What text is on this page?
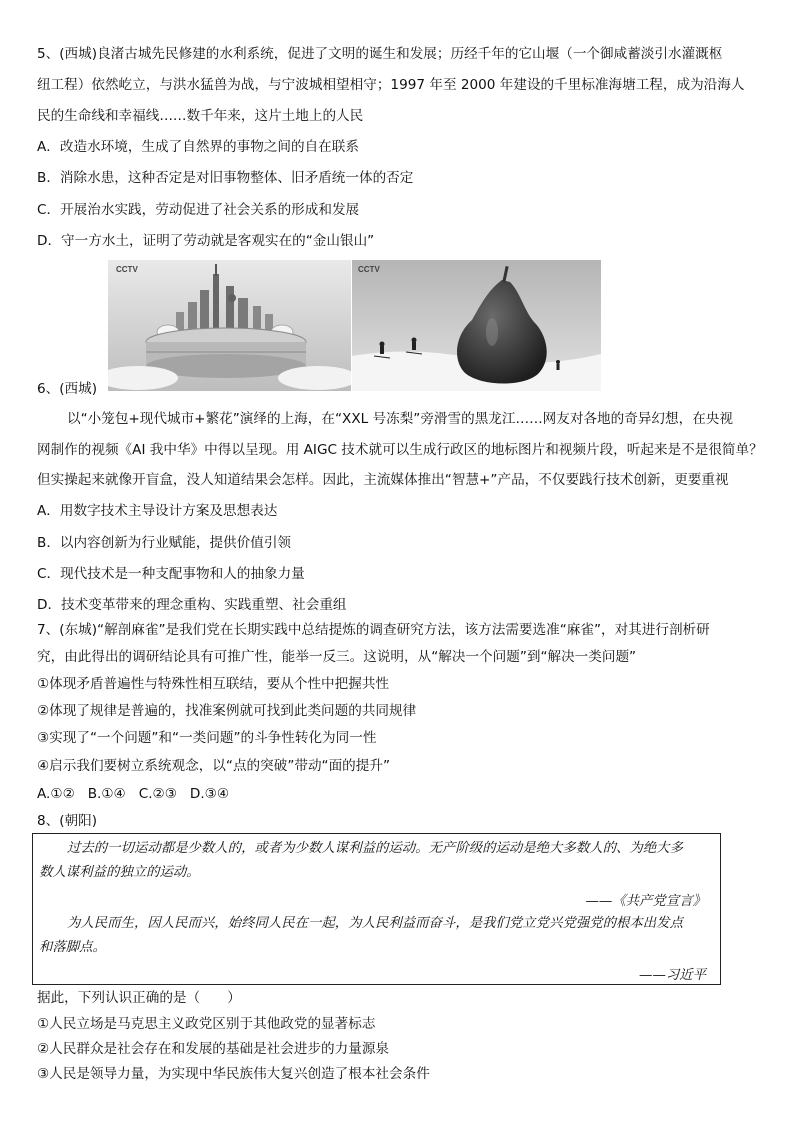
5、(西城)良渚古城先民修建的水利系统，促进了文明的诞生和发展；历经千年的它山堰（一个御咸蓄淡引水灌溉枢
纽工程）依然屹立，与洪水猛兽为战，与宁波城相望相守；1997 年至 2000 年建设的千里标准海塘工程，成为沿海人
民的生命线和幸福线……数千年来，这片土地上的人民
A．改造水环境，生成了自然界的事物之间的自在联系
B．消除水患，这种否定是对旧事物整体、旧矛盾统一体的否定
C．开展治水实践，劳动促进了社会关系的形成和发展
D．守一方水土，证明了劳动就是客观实在的“金山银山”
CCTV	CCTV
6、(西城)
以“小笼包+现代城市+繁花”演绎的上海，在“XXL 号冻梨”旁滑雪的黑龙江……网友对各地的奇异幻想，在央视
网制作的视频《AI 我中华》中得以呈现。用 AIGC 技术就可以生成行政区的地标图片和视频片段，听起来是不是很简单？
但实操起来就像开盲盒，没人知道结果会怎样。因此，主流媒体推出“智慧+”产品，不仅要践行技术创新，更要重视
A．用数字技术主导设计方案及思想表达
B．以内容创新为行业赋能，提供价值引领
C．现代技术是一种支配事物和人的抽象力量
D．技术变革带来的理念重构、实践重塑、社会重组
7、(东城)“解剖麻雀”是我们党在长期实践中总结提炼的调查研究方法，该方法需要选准“麻雀”，对其进行剖析研
究，由此得出的调研结论具有可推广性，能举一反三。这说明，从“解决一个问题”到“解决一类问题”
①体现矛盾普遍性与特殊性相互联结，要从个性中把握共性
②体现了规律是普遍的，找准案例就可找到此类问题的共同规律
③实现了“一个问题”和“一类问题”的斗争性转化为同一性
④启示我们要树立系统观念，以“点的突破”带动“面的提升”
A.①②   B.①④   C.②③   D.③④
8、(朝阳)
过去的一切运动都是少数人的，或者为少数人谋利益的运动。无产阶级的运动是绝大多数人的、为绝大多
数人谋利益的独立的运动。
——《共产党宣言》
为人民而生，因人民而兴，始终同人民在一起，为人民利益而奋斗，是我们党立党兴党强党的根本出发点
和落脚点。
——习近平
据此，下列认识正确的是（　　）
①人民立场是马克思主义政党区别于其他政党的显著标志
②人民群众是社会存在和发展的基础是社会进步的力量源泉
③人民是领导力量，为实现中华民族伟大复兴创造了根本社会条件
